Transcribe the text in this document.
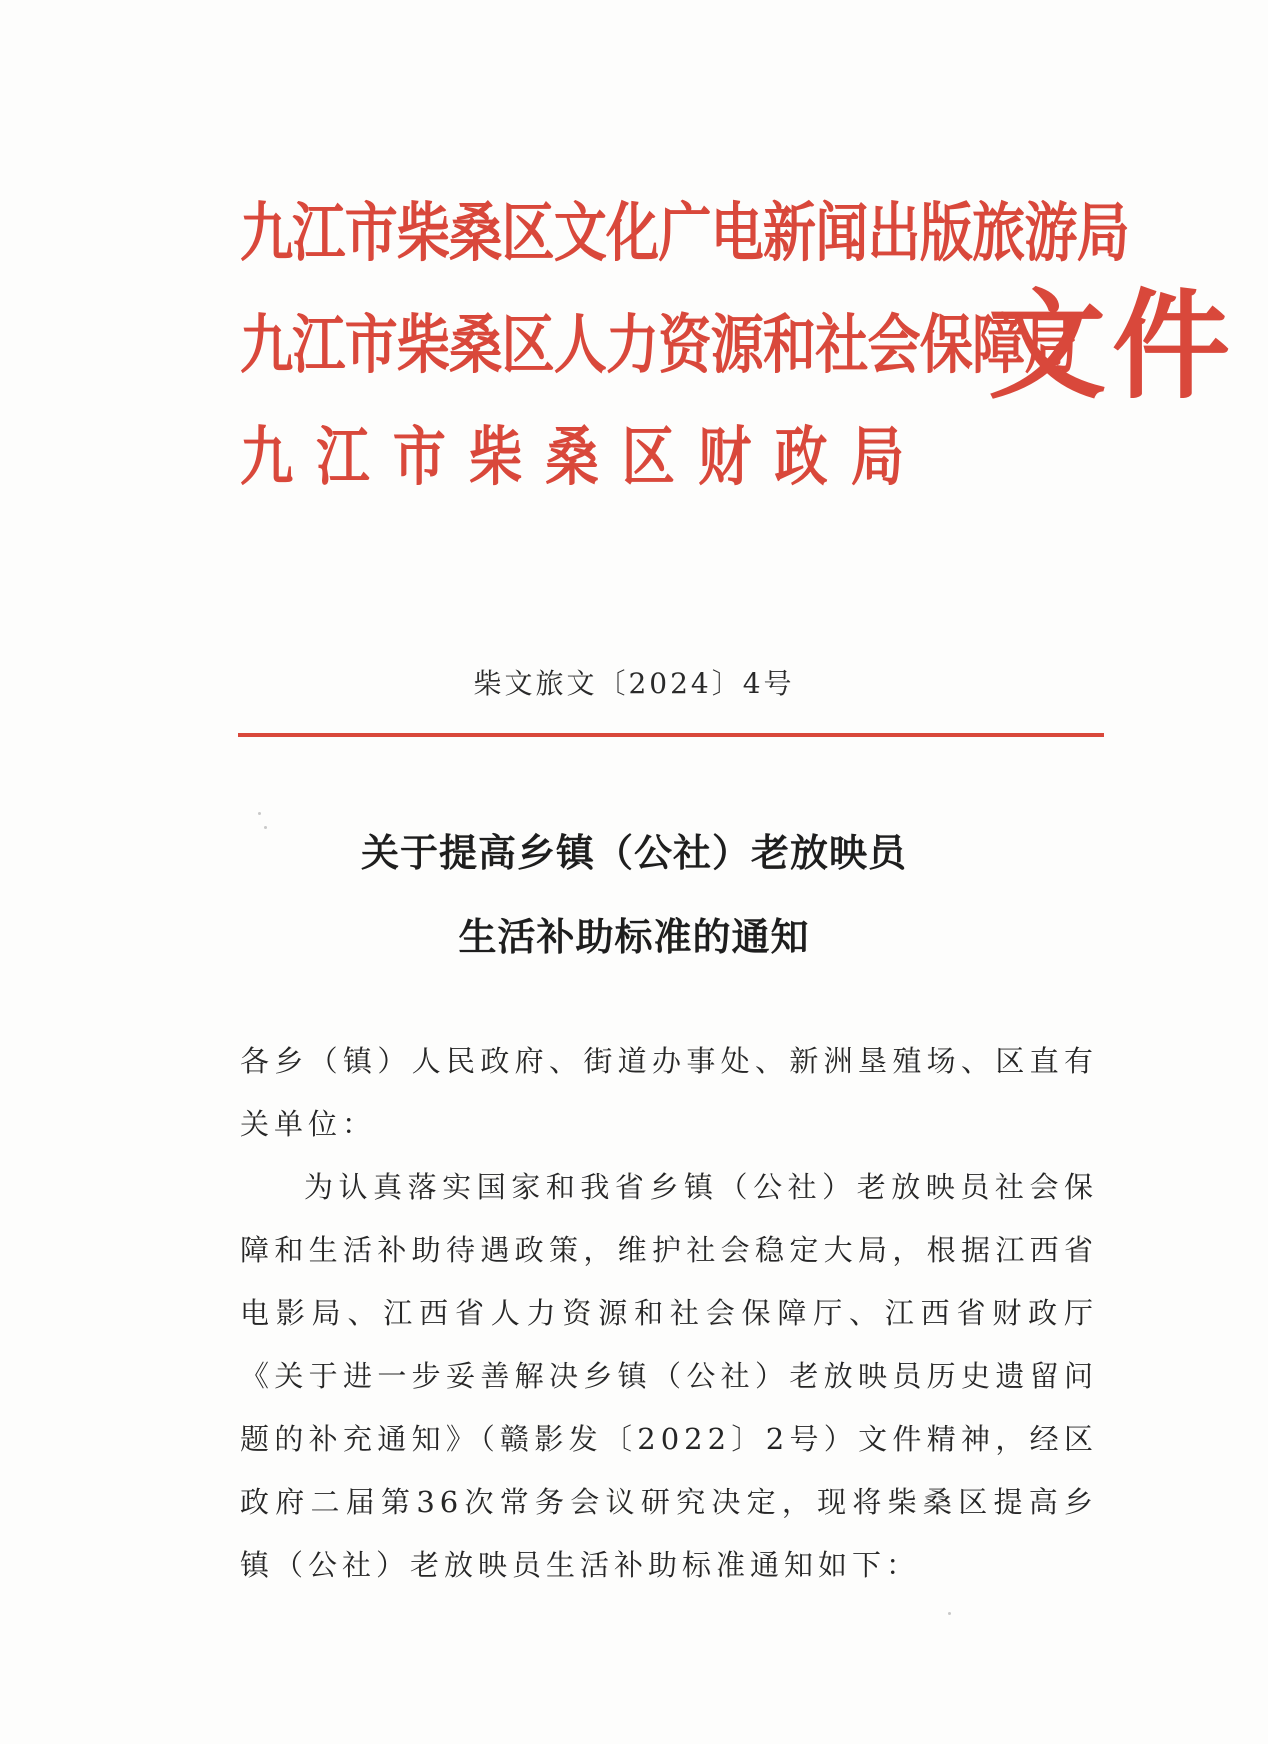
九江市柴桑区文化广电新闻出版旅游局
九江市柴桑区人力资源和社会保障局
九江市柴桑区财政局
文件
柴文旅文〔2024〕4号
关于提高乡镇（公社）老放映员
生活补助标准的通知
各乡（镇）人民政府、街道办事处、新洲垦殖场、区直有关单位：
为认真落实国家和我省乡镇（公社）老放映员社会保障和生活补助待遇政策，维护社会稳定大局，根据江西省电影局、江西省人力资源和社会保障厅、江西省财政厅《关于进一步妥善解决乡镇（公社）老放映员历史遗留问题的补充通知》（赣影发〔2022〕2号）文件精神，经区政府二届第36次常务会议研究决定，现将柴桑区提高乡镇（公社）老放映员生活补助标准通知如下：
